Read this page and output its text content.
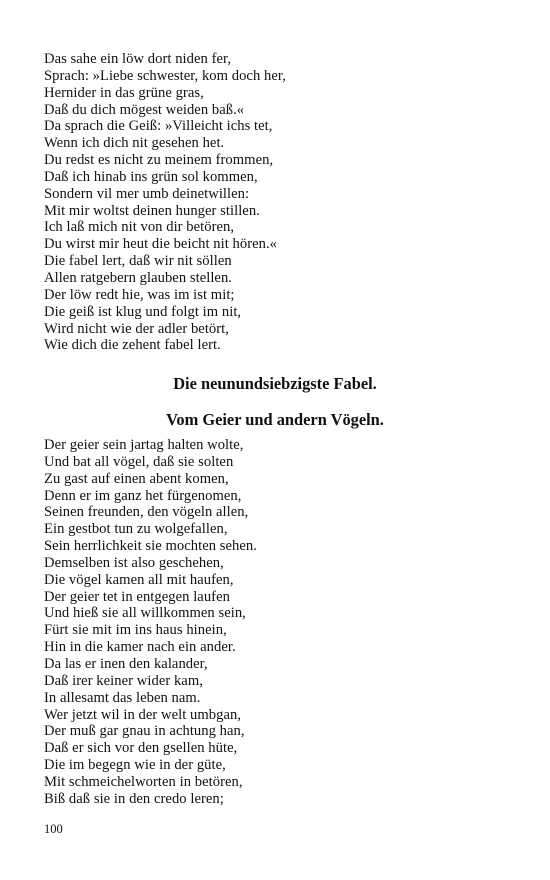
Das sahe ein löw dort niden fer,
Sprach: »Liebe schwester, kom doch her,
Hernider in das grüne gras,
Daß du dich mögest weiden baß.«
Da sprach die Geiß: »Villeicht ichs tet,
Wenn ich dich nit gesehen het.
Du redst es nicht zu meinem frommen,
Daß ich hinab ins grün sol kommen,
Sondern vil mer umb deinetwillen:
Mit mir woltst deinen hunger stillen.
Ich laß mich nit von dir betören,
Du wirst mir heut die beicht nit hören.«
Die fabel lert, daß wir nit söllen
Allen ratgebern glauben stellen.
Der löw redt hie, was im ist mit;
Die geiß ist klug und folgt im nit,
Wird nicht wie der adler betört,
Wie dich die zehent fabel lert.
Die neunundsiebzigste Fabel.
Vom Geier und andern Vögeln.
Der geier sein jartag halten wolte,
Und bat all vögel, daß sie solten
Zu gast auf einen abent komen,
Denn er im ganz het fürgenomen,
Seinen freunden, den vögeln allen,
Ein gestbot tun zu wolgefallen,
Sein herrlichkeit sie mochten sehen.
Demselben ist also geschehen,
Die vögel kamen all mit haufen,
Der geier tet in entgegen laufen
Und hieß sie all willkommen sein,
Fürt sie mit im ins haus hinein,
Hin in die kamer nach ein ander.
Da las er inen den kalander,
Daß irer keiner wider kam,
In allesamt das leben nam.
Wer jetzt wil in der welt umbgan,
Der muß gar gnau in achtung han,
Daß er sich vor den gsellen hüte,
Die im begegn wie in der güte,
Mit schmeichelworten in betören,
Biß daß sie in den credo leren;
100
